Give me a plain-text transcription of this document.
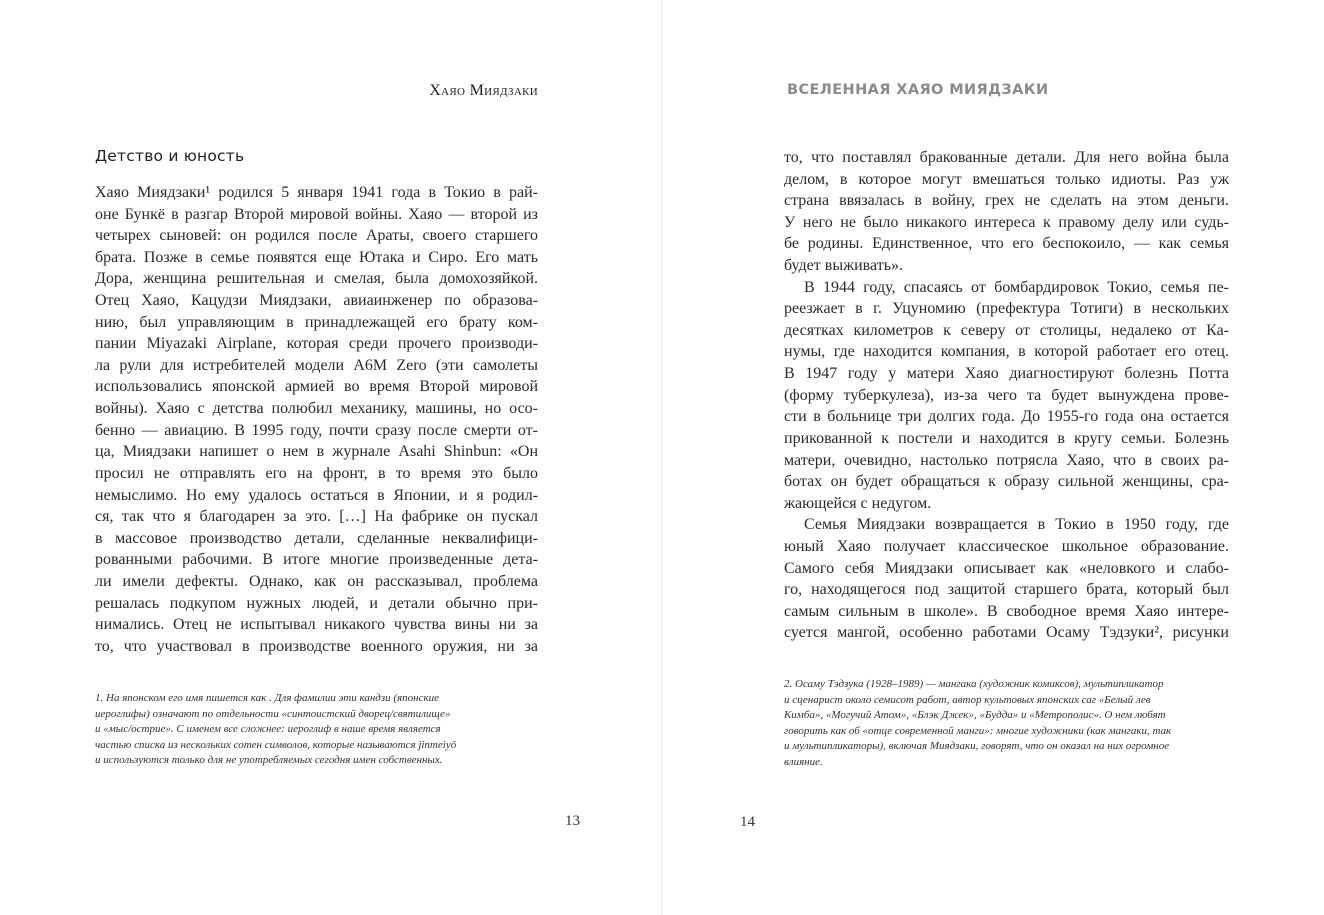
Хаяо Миядзаки
Детство и юность
Хаяо Миядзаки¹ родился 5 января 1941 года в Токио в рай-
оне Бункё в разгар Второй мировой войны. Хаяо — второй из
четырех сыновей: он родился после Араты, своего старшего
брата. Позже в семье появятся еще Ютака и Сиро. Его мать
Дора, женщина решительная и смелая, была домохозяйкой.
Отец Хаяо, Кацудзи Миядзаки, авиаинженер по образова-
нию, был управляющим в принадлежащей его брату ком-
пании Miyazaki Airplane, которая среди прочего производи-
ла рули для истребителей модели A6M Zero (эти самолеты
использовались японской армией во время Второй мировой
войны). Хаяо с детства полюбил механику, машины, но осо-
бенно — авиацию. В 1995 году, почти сразу после смерти от-
ца, Миядзаки напишет о нем в журнале Asahi Shinbun: «Он
просил не отправлять его на фронт, в то время это было
немыслимо. Но ему удалось остаться в Японии, и я родил-
ся, так что я благодарен за это. […] На фабрике он пускал
в массовое производство детали, сделанные неквалифици-
рованными рабочими. В итоге многие произведенные дета-
ли имели дефекты. Однако, как он рассказывал, проблема
решалась подкупом нужных людей, и детали обычно при-
нимались. Отец не испытывал никакого чувства вины ни за
то, что участвовал в производстве военного оружия, ни за
1. На японском его имя пишется как . Для фамилии эти кандзи (японские
иероглифы) означают по отдельности «синтоистский дворец/святилище»
и «мыс/острие». С именем все сложнее: иероглиф в наше время является
частью списка из нескольких сотен символов, которые называются jinmeiyō
и используются только для не употребляемых сегодня имен собственных.
13
ВСЕЛЕННАЯ ХАЯО МИЯДЗАКИ
то, что поставлял бракованные детали. Для него война была
делом, в которое могут вмешаться только идиоты. Раз уж
страна ввязалась в войну, грех не сделать на этом деньги.
У него не было никакого интереса к правому делу или судь-
бе родины. Единственное, что его беспокоило, — как семья
будет выживать».
В 1944 году, спасаясь от бомбардировок Токио, семья пе-
реезжает в г. Уцуномию (префектура Тотиги) в нескольких
десятках километров к северу от столицы, недалеко от Ка-
нумы, где находится компания, в которой работает его отец.
В 1947 году у матери Хаяо диагностируют болезнь Потта
(форму туберкулеза), из-за чего та будет вынуждена прове-
сти в больнице три долгих года. До 1955-го года она остается
прикованной к постели и находится в кругу семьи. Болезнь
матери, очевидно, настолько потрясла Хаяо, что в своих ра-
ботах он будет обращаться к образу сильной женщины, сра-
жающейся с недугом.
Семья Миядзаки возвращается в Токио в 1950 году, где
юный Хаяо получает классическое школьное образование.
Самого себя Миядзаки описывает как «неловкого и слабо-
го, находящегося под защитой старшего брата, который был
самым сильным в школе». В свободное время Хаяо интере-
суется мангой, особенно работами Осаму Тэдзуки², рисунки
2. Осаму Тэдзука (1928–1989) — мангака (художник комиксов), мультипликатор
и сценарист около семисот работ, автор культовых японских саг «Белый лев
Кимба», «Могучий Атом», «Блэк Джек», «Будда» и «Метрополис». О нем любят
говорить как об «отце современной манги»: многие художники (как мангаки, так
и мультипликаторы), включая Миядзаки, говорят, что он оказал на них огромное
влияние.
14
